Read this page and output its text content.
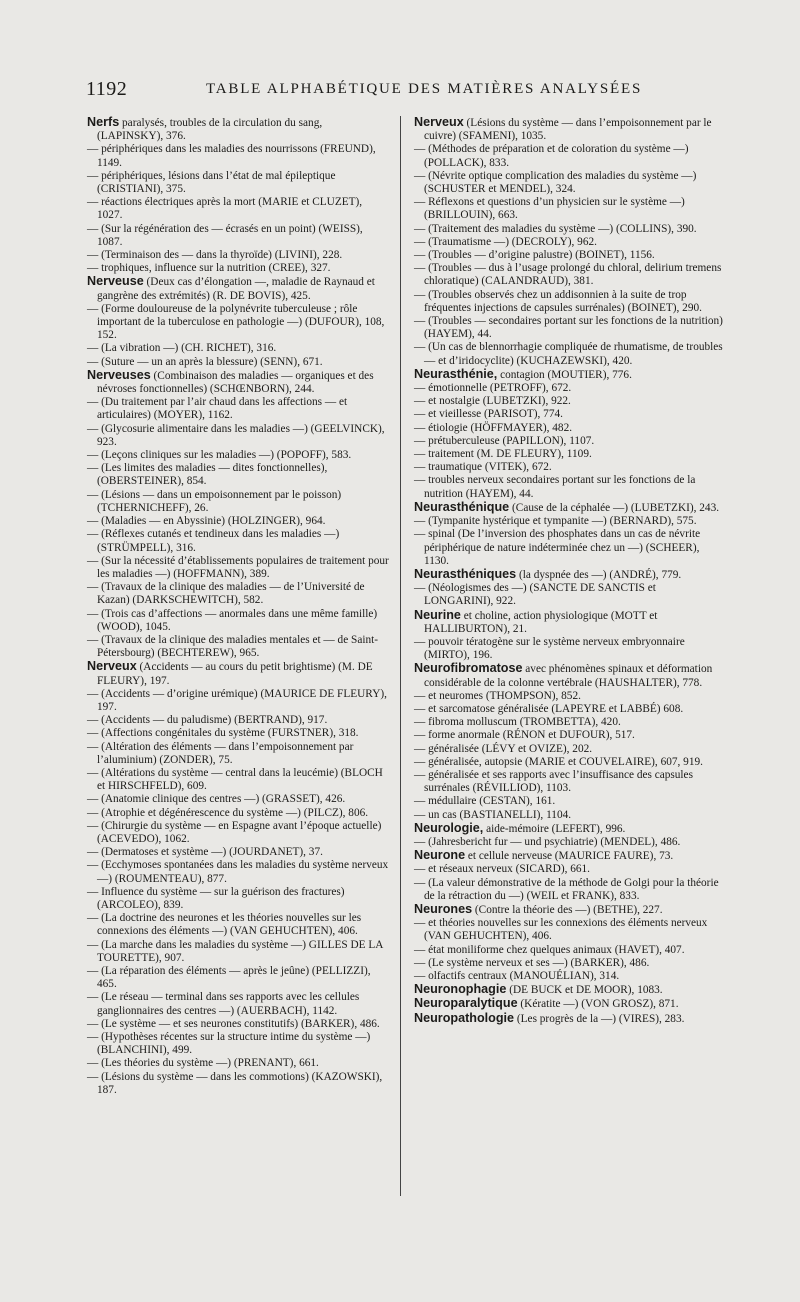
1192	TABLE ALPHABÉTIQUE DES MATIÈRES ANALYSÉES

Nerfs paralysés, troubles de la circulation du sang, (LAPINSKY), 376.

— périphériques dans les maladies des nourrissons (FREUND), 1149.

— périphériques, lésions dans l’état de mal épileptique (CRISTIANI), 375.

— réactions électriques après la mort (MARIE et CLUZET), 1027.

— (Sur la régénération des — écrasés en un point) (WEISS), 1087.

— (Terminaison des — dans la thyroïde) (LIVINI), 228.

— trophiques, influence sur la nutrition (CREE), 327.

Nerveuse (Deux cas d’élongation —, maladie de Raynaud et gangrène des extrémités) (R. DE BOVIS), 425.

— (Forme douloureuse de la polynévrite tuberculeuse ; rôle important de la tuberculose en pathologie —) (DUFOUR), 108, 152.

— (La vibration —) (CH. RICHET), 316.

— (Suture — un an après la blessure) (SENN), 671.

Nerveuses (Combinaison des maladies — organiques et des névroses fonctionnelles) (SCHŒNBORN), 244.

— (Du traitement par l’air chaud dans les affections — et articulaires) (MOYER), 1162.

— (Glycosurie alimentaire dans les maladies —) (GEELVINCK), 923.

— (Leçons cliniques sur les maladies —) (POPOFF), 583.

— (Les limites des maladies — dites fonctionnelles), (OBERSTEINER), 854.

— (Lésions — dans un empoisonnement par le poisson) (TCHERNICHEFF), 26.

— (Maladies — en Abyssinie) (HOLZINGER), 964.

— (Réflexes cutanés et tendineux dans les maladies —) (STRÜMPELL), 316.

— (Sur la nécessité d’établissements populaires de traitement pour les maladies —) (HOFFMANN), 389.

— (Travaux de la clinique des maladies — de l’Université de Kazan) (DARKSCHEWITCH), 582.

— (Trois cas d’affections — anormales dans une même famille) (WOOD), 1045.

— (Travaux de la clinique des maladies mentales et — de Saint-Pétersbourg) (BECHTEREW), 965.

Nerveux (Accidents — au cours du petit brightisme) (M. DE FLEURY), 197.

— (Accidents — d’origine urémique) (MAURICE DE FLEURY), 197.

— (Accidents — du paludisme) (BERTRAND), 917.

— (Affections congénitales du système (FURSTNER), 318.

— (Altération des éléments — dans l’empoisonnement par l’aluminium) (ZONDER), 75.

— (Altérations du système — central dans la leucémie) (BLOCH et HIRSCHFELD), 609.

— (Anatomie clinique des centres —) (GRASSET), 426.

— (Atrophie et dégénérescence du système —) (PILCZ), 806.

— (Chirurgie du système — en Espagne avant l’époque actuelle) (ACEVEDO), 1062.

— (Dermatoses et système —) (JOURDANET), 37.

— (Ecchymoses spontanées dans les maladies du système nerveux —) (ROUMENTEAU), 877.

— Influence du système — sur la guérison des fractures) (ARCOLEO), 839.

— (La doctrine des neurones et les théories nouvelles sur les connexions des éléments —) (VAN GEHUCHTEN), 406.

— (La marche dans les maladies du système —) GILLES DE LA TOURETTE), 907.

— (La réparation des éléments — après le jeûne) (PELLIZZI), 465.

— (Le réseau — terminal dans ses rapports avec les cellules ganglionnaires des centres —) (AUERBACH), 1142.

— (Le système — et ses neurones constitutifs) (BARKER), 486.

— (Hypothèses récentes sur la structure intime du système —) (BLANCHINI), 499.

— (Les théories du système —) (PRENANT), 661.

— (Lésions du système — dans les commotions) (KAZOWSKI), 187.

Nerveux (Lésions du système — dans l’empoisonnement par le cuivre) (SFAMENI), 1035.

— (Méthodes de préparation et de coloration du système —) (POLLACK), 833.

— (Névrite optique complication des maladies du système —) (SCHUSTER et MENDEL), 324.

— Réflexons et questions d’un physicien sur le système —) (BRILLOUIN), 663.

— (Traitement des maladies du système —) (COLLINS), 390.

— (Traumatisme —) (DECROLY), 962.

— (Troubles — d’origine palustre) (BOINET), 1156.

— (Troubles — dus à l’usage prolongé du chloral, delirium tremens chloratique) (CALANDRAUD), 381.

— (Troubles observés chez un addisonnien à la suite de trop fréquentes injections de capsules surrénales) (BOINET), 290.

— (Troubles — secondaires portant sur les fonctions de la nutrition) (HAYEM), 44.

— (Un cas de blennorrhagie compliquée de rhumatisme, de troubles — et d’iridocyclite) (KUCHAZEWSKI), 420.

Neurasthénie, contagion (MOUTIER), 776.

— émotionnelle (PETROFF), 672.

— et nostalgie (LUBETZKI), 922.

— et vieillesse (PARISOT), 774.

— étiologie (HÖFFMAYER), 482.

— prétuberculeuse (PAPILLON), 1107.

— traitement (M. DE FLEURY), 1109.

— traumatique (VITEK), 672.

— troubles nerveux secondaires portant sur les fonctions de la nutrition (HAYEM), 44.

Neurasthénique (Cause de la céphalée —) (LUBETZKI), 243.

— (Tympanite hystérique et tympanite —) (BERNARD), 575.

— spinal (De l’inversion des phosphates dans un cas de névrite périphérique de nature indéterminée chez un —) (SCHEER), 1130.

Neurasthéniques (la dyspnée des —) (ANDRÉ), 779.

— (Néologismes des —) (SANCTE DE SANCTIS et LONGARINI), 922.

Neurine et choline, action physiologique (MOTT et HALLIBURTON), 21.

— pouvoir tératogène sur le système nerveux embryonnaire (MIRTO), 196.

Neurofibromatose avec phénomènes spinaux et déformation considérable de la colonne vertébrale (HAUSHALTER), 778.

— et neuromes (THOMPSON), 852.

— et sarcomatose généralisée (LAPEYRE et LABBÉ) 608.

— fibroma molluscum (TROMBETTA), 420.

— forme anormale (RÉNON et DUFOUR), 517.

— généralisée (LÉVY et OVIZE), 202.

— généralisée, autopsie (MARIE et COUVELAIRE), 607, 919.

— généralisée et ses rapports avec l’insuffisance des capsules surrénales (RÉVILLIOD), 1103.

— médullaire (CESTAN), 161.

— un cas (BASTIANELLI), 1104.

Neurologie, aide-mémoire (LEFERT), 996.

— (Jahresbericht fur — und psychiatrie) (MENDEL), 486.

Neurone et cellule nerveuse (MAURICE FAURE), 73.

— et réseaux nerveux (SICARD), 661.

— (La valeur démonstrative de la méthode de Golgi pour la théorie de la rétraction du —) (WEIL et FRANK), 833.

Neurones (Contre la théorie des —) (BETHE), 227.

— et théories nouvelles sur les connexions des éléments nerveux (VAN GEHUCHTEN), 406.

— état moniliforme chez quelques animaux (HAVET), 407.

— (Le système nerveux et ses —) (BARKER), 486.

— olfactifs centraux (MANOUÉLIAN), 314.

Neuronophagie (DE BUCK et DE MOOR), 1083.

Neuroparalytique (Kératite —) (VON GROSZ), 871.

Neuropathologie (Les progrès de la —) (VIRES), 283.
